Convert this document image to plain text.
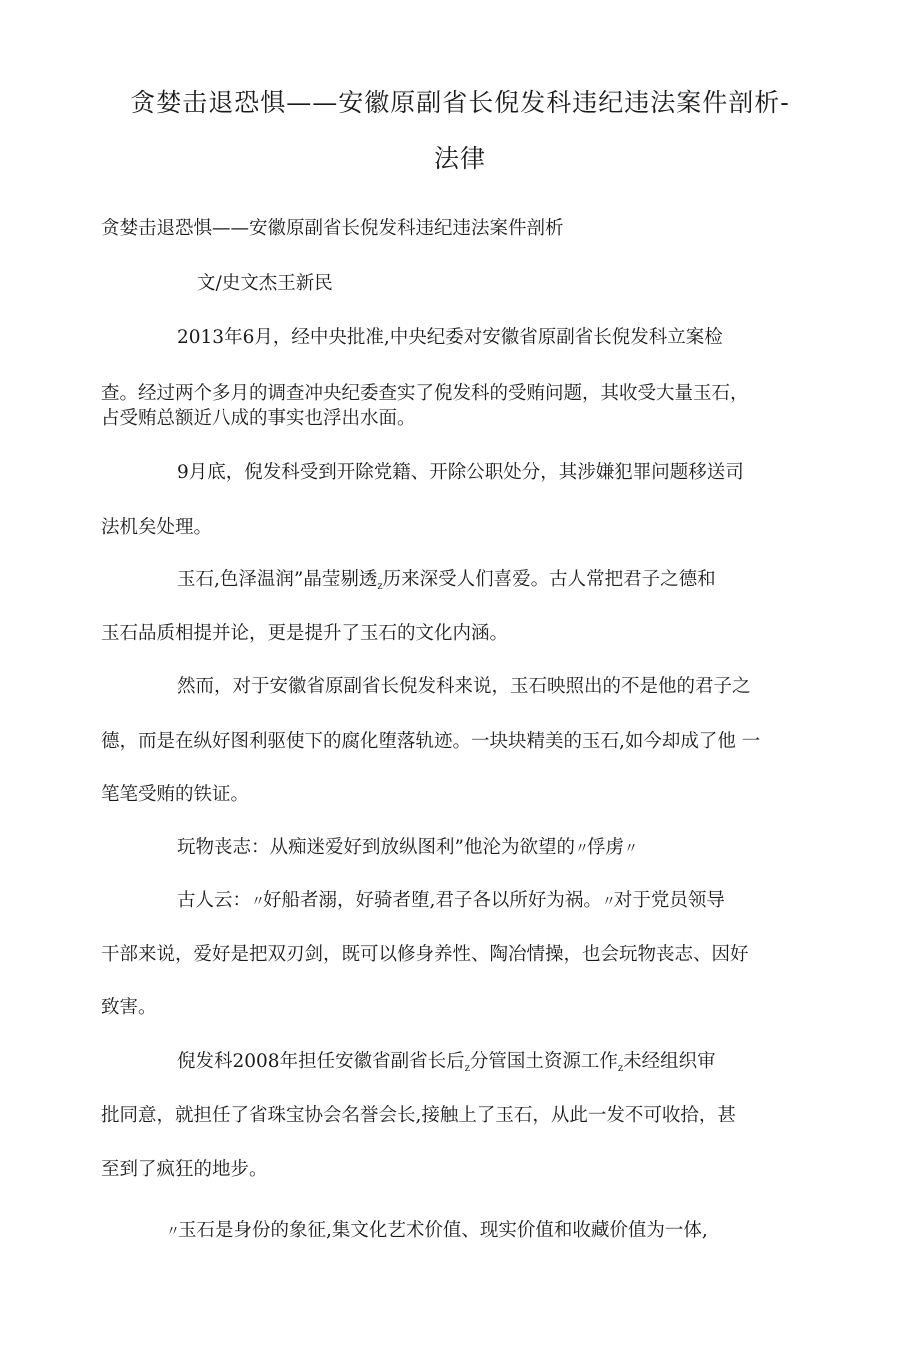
贪婪击退恐惧——安徽原副省长倪发科违纪违法案件剖析-
法律
贪婪击退恐惧——安徽原副省长倪发科违纪违法案件剖析
文/史文杰王新民
2013年6月，经中央批准,中央纪委对安徽省原副省长倪发科立案检
查。经过两个多月的调查冲央纪委查实了倪发科的受贿问题，其收受大量玉石，
占受贿总额近八成的事实也浮出水面。
9月底，倪发科受到开除党籍、开除公职处分，其涉嫌犯罪问题移送司
法机矣处理。
玉石,色泽温润”晶莹剔透$_z$历来深受人们喜爱。古人常把君子之德和
玉石品质相提并论，更是提升了玉石的文化内涵。
然而，对于安徽省原副省长倪发科来说，玉石映照出的不是他的君子之
德，而是在纵好图利驱使下的腐化堕落轨迹。一块块精美的玉石,如今却成了他 一
笔笔受贿的铁证。
玩物丧志：从痴迷爱好到放纵图利”他沦为欲望的〃俘虏〃
古人云：〃好船者溺，好骑者堕,君子各以所好为祸。〃对于党员领导
干部来说，爱好是把双刃剑，既可以修身养性、陶冶情操，也会玩物丧志、因好
致害。
倪发科2008年担任安徽省副省长后$_z$分管国土资源工作$_z$未经组织审
批同意，就担任了省珠宝协会名誉会长,接触上了玉石，从此一发不可收拾，甚
至到了疯狂的地步。
〃玉石是身份的象征,集文化艺术价值、现实价值和收藏价值为一体,
